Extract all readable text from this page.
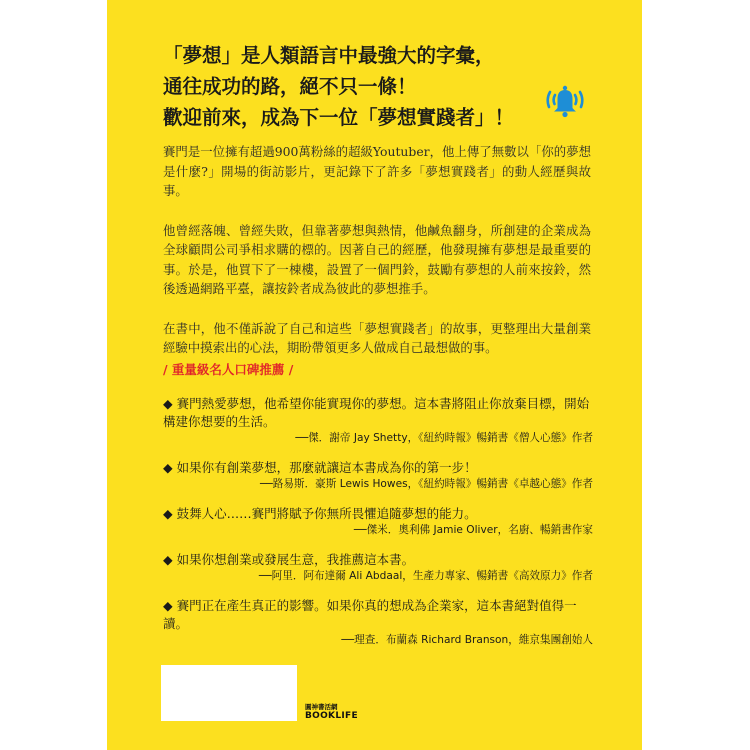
「夢想」是人類語言中最強大的字彙，
通往成功的路，絕不只一條！
歡迎前來，成為下一位「夢想實踐者」！

賽門是一位擁有超過900萬粉絲的超級Youtuber，他上傳了無數以「你的夢想是什麼?」開場的街訪影片，更記錄下了許多「夢想實踐者」的動人經歷與故事。

他曾經落魄、曾經失敗，但靠著夢想與熱情，他鹹魚翻身，所創建的企業成為全球顧問公司爭相求購的標的。因著自己的經歷，他發現擁有夢想是最重要的事。於是，他買下了一棟樓，設置了一個門鈴，鼓勵有夢想的人前來按鈴，然後透過網路平臺，讓按鈴者成為彼此的夢想推手。

在書中，他不僅訴說了自己和這些「夢想實踐者」的故事，更整理出大量創業經驗中摸索出的心法，期盼帶領更多人做成自己最想做的事。

/ 重量級名人口碑推薦 /
◆ 賽門熱愛夢想，他希望你能實現你的夢想。這本書將阻止你放棄目標，開始構建你想要的生活。
──傑．謝帝 Jay Shetty，《紐約時報》暢銷書《僧人心態》作者
◆ 如果你有創業夢想，那麼就讓這本書成為你的第一步！
──路易斯．豪斯 Lewis Howes，《紐約時報》暢銷書《卓越心態》作者
◆ 鼓舞人心……賽門將賦予你無所畏懼追隨夢想的能力。
──傑米．奧利佛 Jamie Oliver，名廚、暢銷書作家
◆ 如果你想創業或發展生意，我推薦這本書。
──阿里．阿布達爾 Ali Abdaal，生產力專家、暢銷書《高效原力》作者
◆ 賽門正在產生真正的影響。如果你真的想成為企業家，這本書絕對值得一讀。
──理查．布蘭森 Richard Branson，維京集團創始人
圓神書活網
BOOKLIFE
